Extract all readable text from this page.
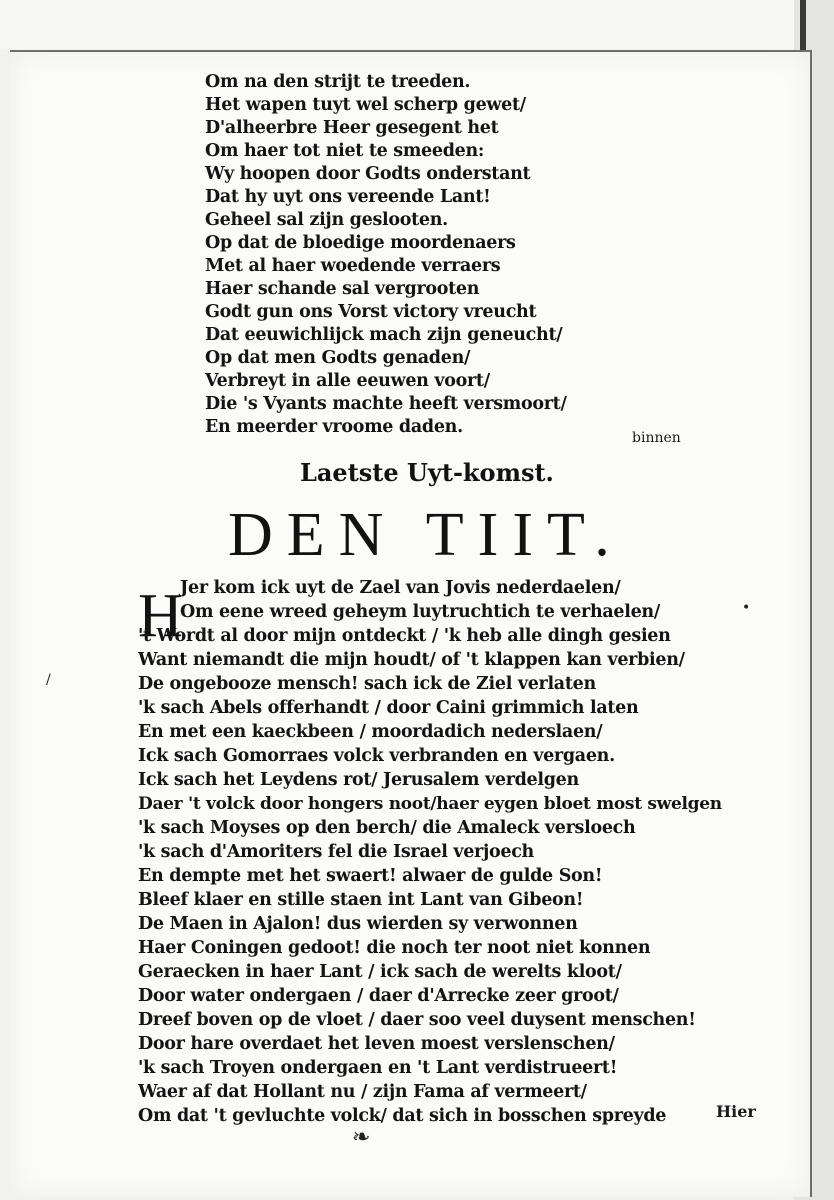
Om na den strijt te treeden.
Het wapen tuyt wel scherp gewet/
D'alheerbre Heer gesegent het
Om haer tot niet te smeeden:
Wy hoopen door Godts onderstant
Dat hy uyt ons vereende Lant!
Geheel sal zijn geslooten.
Op dat de bloedige moordenaers
Met al haer woedende verraers
Haer schande sal vergrooten
Godt gun ons Vorst victory vreucht
Dat eeuwichlijck mach zijn geneucht/
Op dat men Godts genaden/
Verbreyt in alle eeuwen voort/
Die 's Vyants machte heeft versmoort/
En meerder vroome daden.
binnen
Laetste Uyt-komst.
DEN TIIT.
H
Jer kom ick uyt de Zael van Jovis nederdaelen/
Om eene wreed geheym luytruchtich te verhaelen/
't Wordt al door mijn ontdeckt / 'k heb alle dingh gesien
Want niemandt die mijn houdt/ of 't klappen kan verbien/
De ongebooze mensch! sach ick de Ziel verlaten
'k sach Abels offerhandt / door Caini grimmich laten
En met een kaeckbeen / moordadich nederslaen/
Ick sach Gomorraes volck verbranden en vergaen.
Ick sach het Leydens rot/ Jerusalem verdelgen
Daer 't volck door hongers noot/haer eygen bloet most swelgen
'k sach Moyses op den berch/ die Amaleck versloech
'k sach d'Amoriters fel die Israel verjoech
En dempte met het swaert! alwaer de gulde Son!
Bleef klaer en stille staen int Lant van Gibeon!
De Maen in Ajalon! dus wierden sy verwonnen
Haer Coningen gedoot! die noch ter noot niet konnen
Geraecken in haer Lant / ick sach de werelts kloot/
Door water ondergaen / daer d'Arrecke zeer groot/
Dreef boven op de vloet / daer soo veel duysent menschen!
Door hare overdaet het leven moest verslenschen/
'k sach Troyen ondergaen en 't Lant verdistrueert!
Waer af dat Hollant nu / zijn Fama af vermeert/
Om dat 't gevluchte volck/ dat sich in bosschen spreyde	Hier
•
/
❧
